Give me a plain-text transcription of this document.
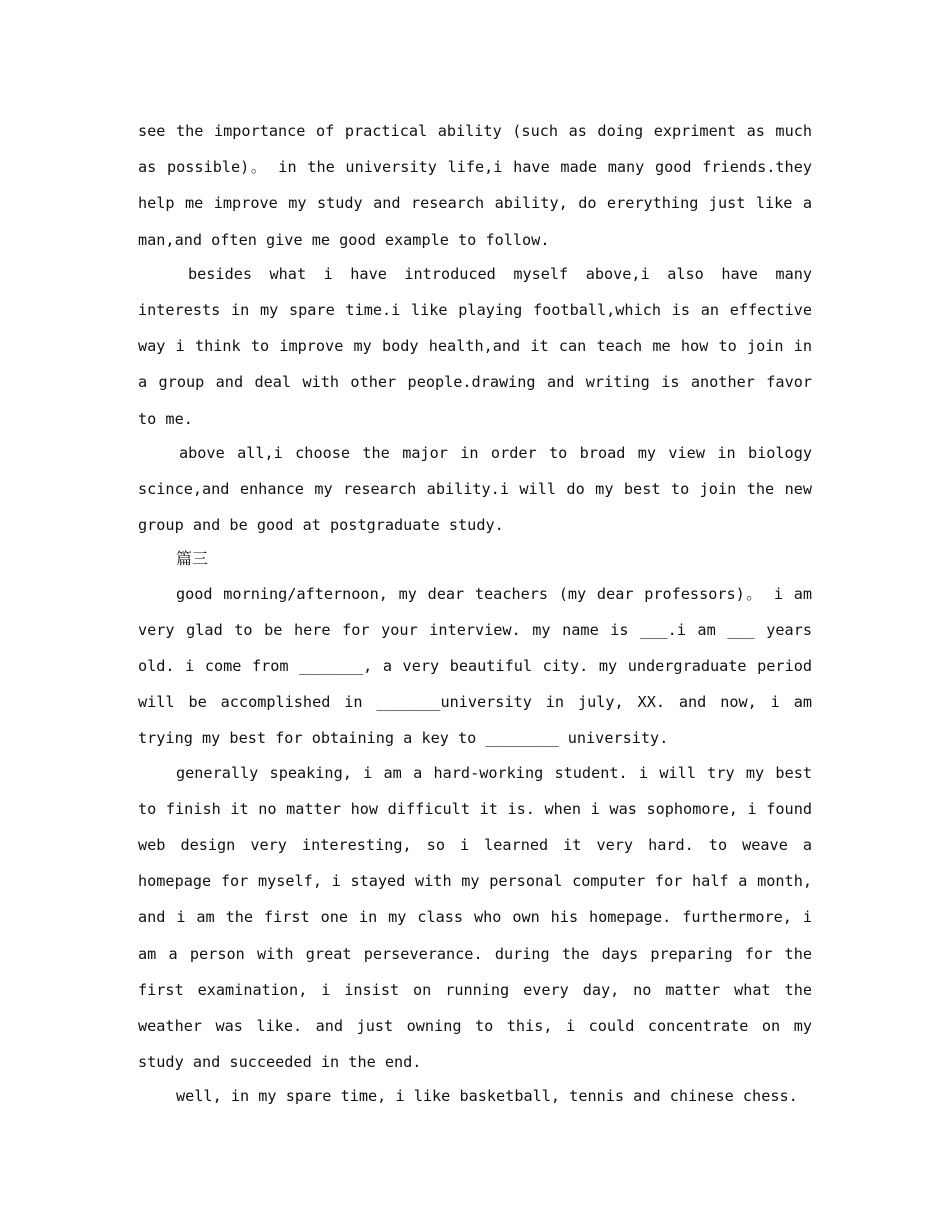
see the importance of practical ability (such as doing expriment as much as possible)。 in the university life,i have made many good friends.they help me improve my study and research ability, do ererything just like a man,and often give me good example to follow.

besides what i have introduced myself above,i also have many interests in my spare time.i like playing football,which is an effective way i think to improve my body health,and it can teach me how to join in a group and deal with other people.drawing and writing is another favor to me.

above all,i choose the major in order to broad my view in biology scince,and enhance my research ability.i will do my best to join the new group and be good at postgraduate study.

篇三

good morning/afternoon, my dear teachers (my dear professors)。 i am very glad to be here for your interview. my name is ___.i am ___ years old. i come from _______, a very beautiful city. my undergraduate period will be accomplished in _______university in july, XX. and now, i am trying my best for obtaining a key to ________ university.

generally speaking, i am a hard-working student. i will try my best to finish it no matter how difficult it is. when i was sophomore, i found web design very interesting, so i learned it very hard. to weave a homepage for myself, i stayed with my personal computer for half a month, and i am the first one in my class who own his homepage. furthermore, i am a person with great perseverance. during the days preparing for the first examination, i insist on running every day, no matter what the weather was like. and just owning to this, i could concentrate on my study and succeeded in the end.

well, in my spare time, i like basketball, tennis and chinese chess.
